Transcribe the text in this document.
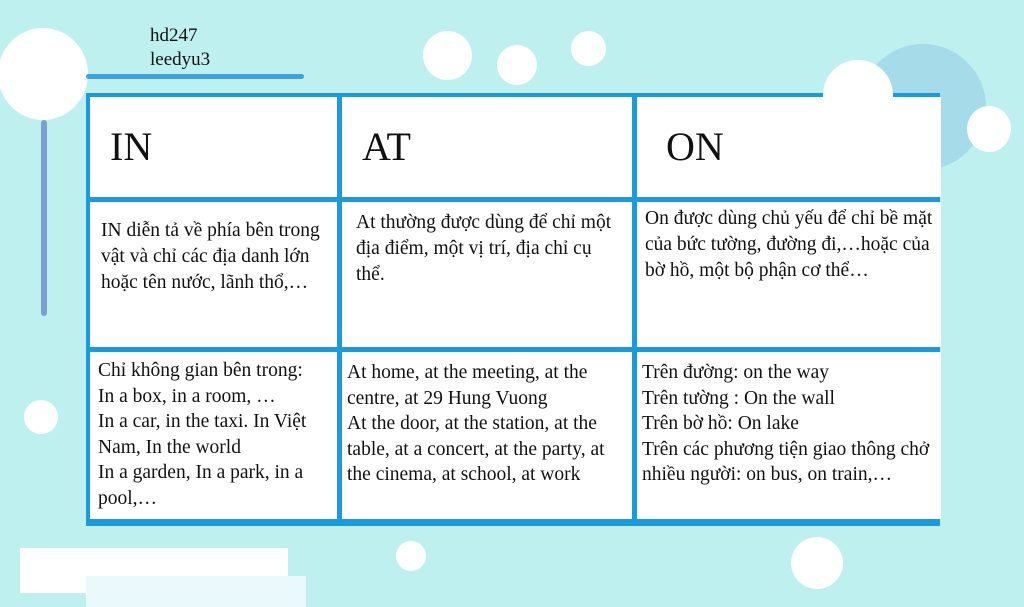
hd247
leedyu3
IN	AT	ON
IN diễn tả về phía bên trong vật và chỉ các địa danh lớn hoặc tên nước, lãnh thổ,…
At thường được dùng để chỉ một địa điểm, một vị trí, địa chỉ cụ thể.
On được dùng chủ yếu để chỉ bề mặt của bức tường, đường đi,…hoặc của bờ hồ, một bộ phận cơ thể…
Chỉ không gian bên trong:
In a box, in a room, …
In a car, in the taxi. In Việt Nam, In the world
In a garden, In a park, in a pool,…
At home, at the meeting, at the centre, at 29 Hung Vuong
At the door, at the station, at the table, at a concert, at the party, at the cinema, at school, at work
Trên đường: on the way
Trên tường : On the wall
Trên bờ hồ: On lake
Trên các phương tiện giao thông chở nhiều người: on bus, on train,…
